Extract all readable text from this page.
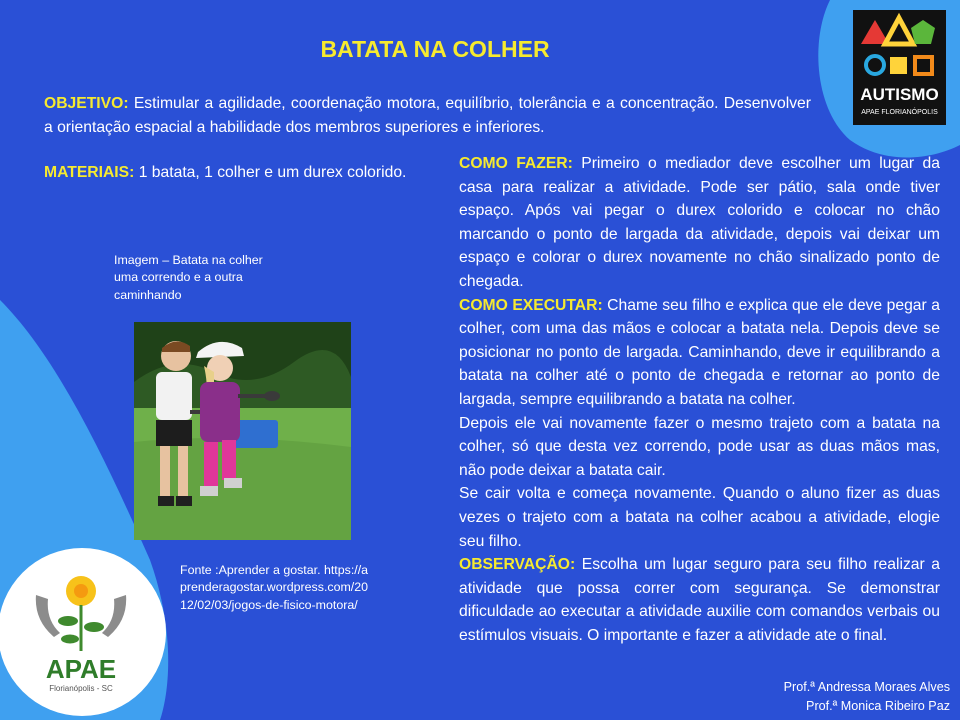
BATATA NA COLHER
OBJETIVO: Estimular a agilidade, coordenação motora, equilíbrio, tolerância e a concentração. Desenvolver a orientação espacial a habilidade dos membros superiores e inferiores.
MATERIAIS: 1 batata, 1 colher e um durex colorido.

COMO FAZER: Primeiro o mediador deve escolher um lugar da casa para realizar a atividade. Pode ser pátio, sala onde tiver espaço. Após vai pegar o durex colorido e colocar no chão marcando o ponto de largada da atividade, depois vai deixar um espaço e colorar o durex novamente no chão sinalizado ponto de chegada.

COMO EXECUTAR: Chame seu filho e explica que ele deve pegar a colher, com uma das mãos e colocar a batata nela. Depois deve se posicionar no ponto de largada. Caminhando, deve ir equilibrando a batata na colher até o ponto de chegada e retornar ao ponto de largada, sempre equilibrando a batata na colher.

Depois ele vai novamente fazer o mesmo trajeto com a batata na colher, só que desta vez correndo, pode usar as duas mãos mas, não pode deixar a batata cair.

Se cair volta e começa novamente. Quando o aluno fizer as duas vezes o trajeto com a batata na colher acabou a atividade, elogie seu filho.

OBSERVAÇÃO: Escolha um lugar seguro para seu filho realizar a atividade que possa correr com segurança. Se demonstrar dificuldade ao executar a atividade auxilie com comandos verbais ou estímulos visuais. O importante e fazer a atividade ate o final.

Imagem – Batata na colher uma correndo e a outra caminhando
Fonte :Aprender a gostar. https://aprenderagostar.wordpress.com/2012/02/03/jogos-de-fisico-motora/
AUTISMO
APAE FLORIANÓPOLIS
APAE
Florianópolis - SC	Prof.ª Andressa Moraes Alves
Prof.ª Monica Ribeiro Paz
